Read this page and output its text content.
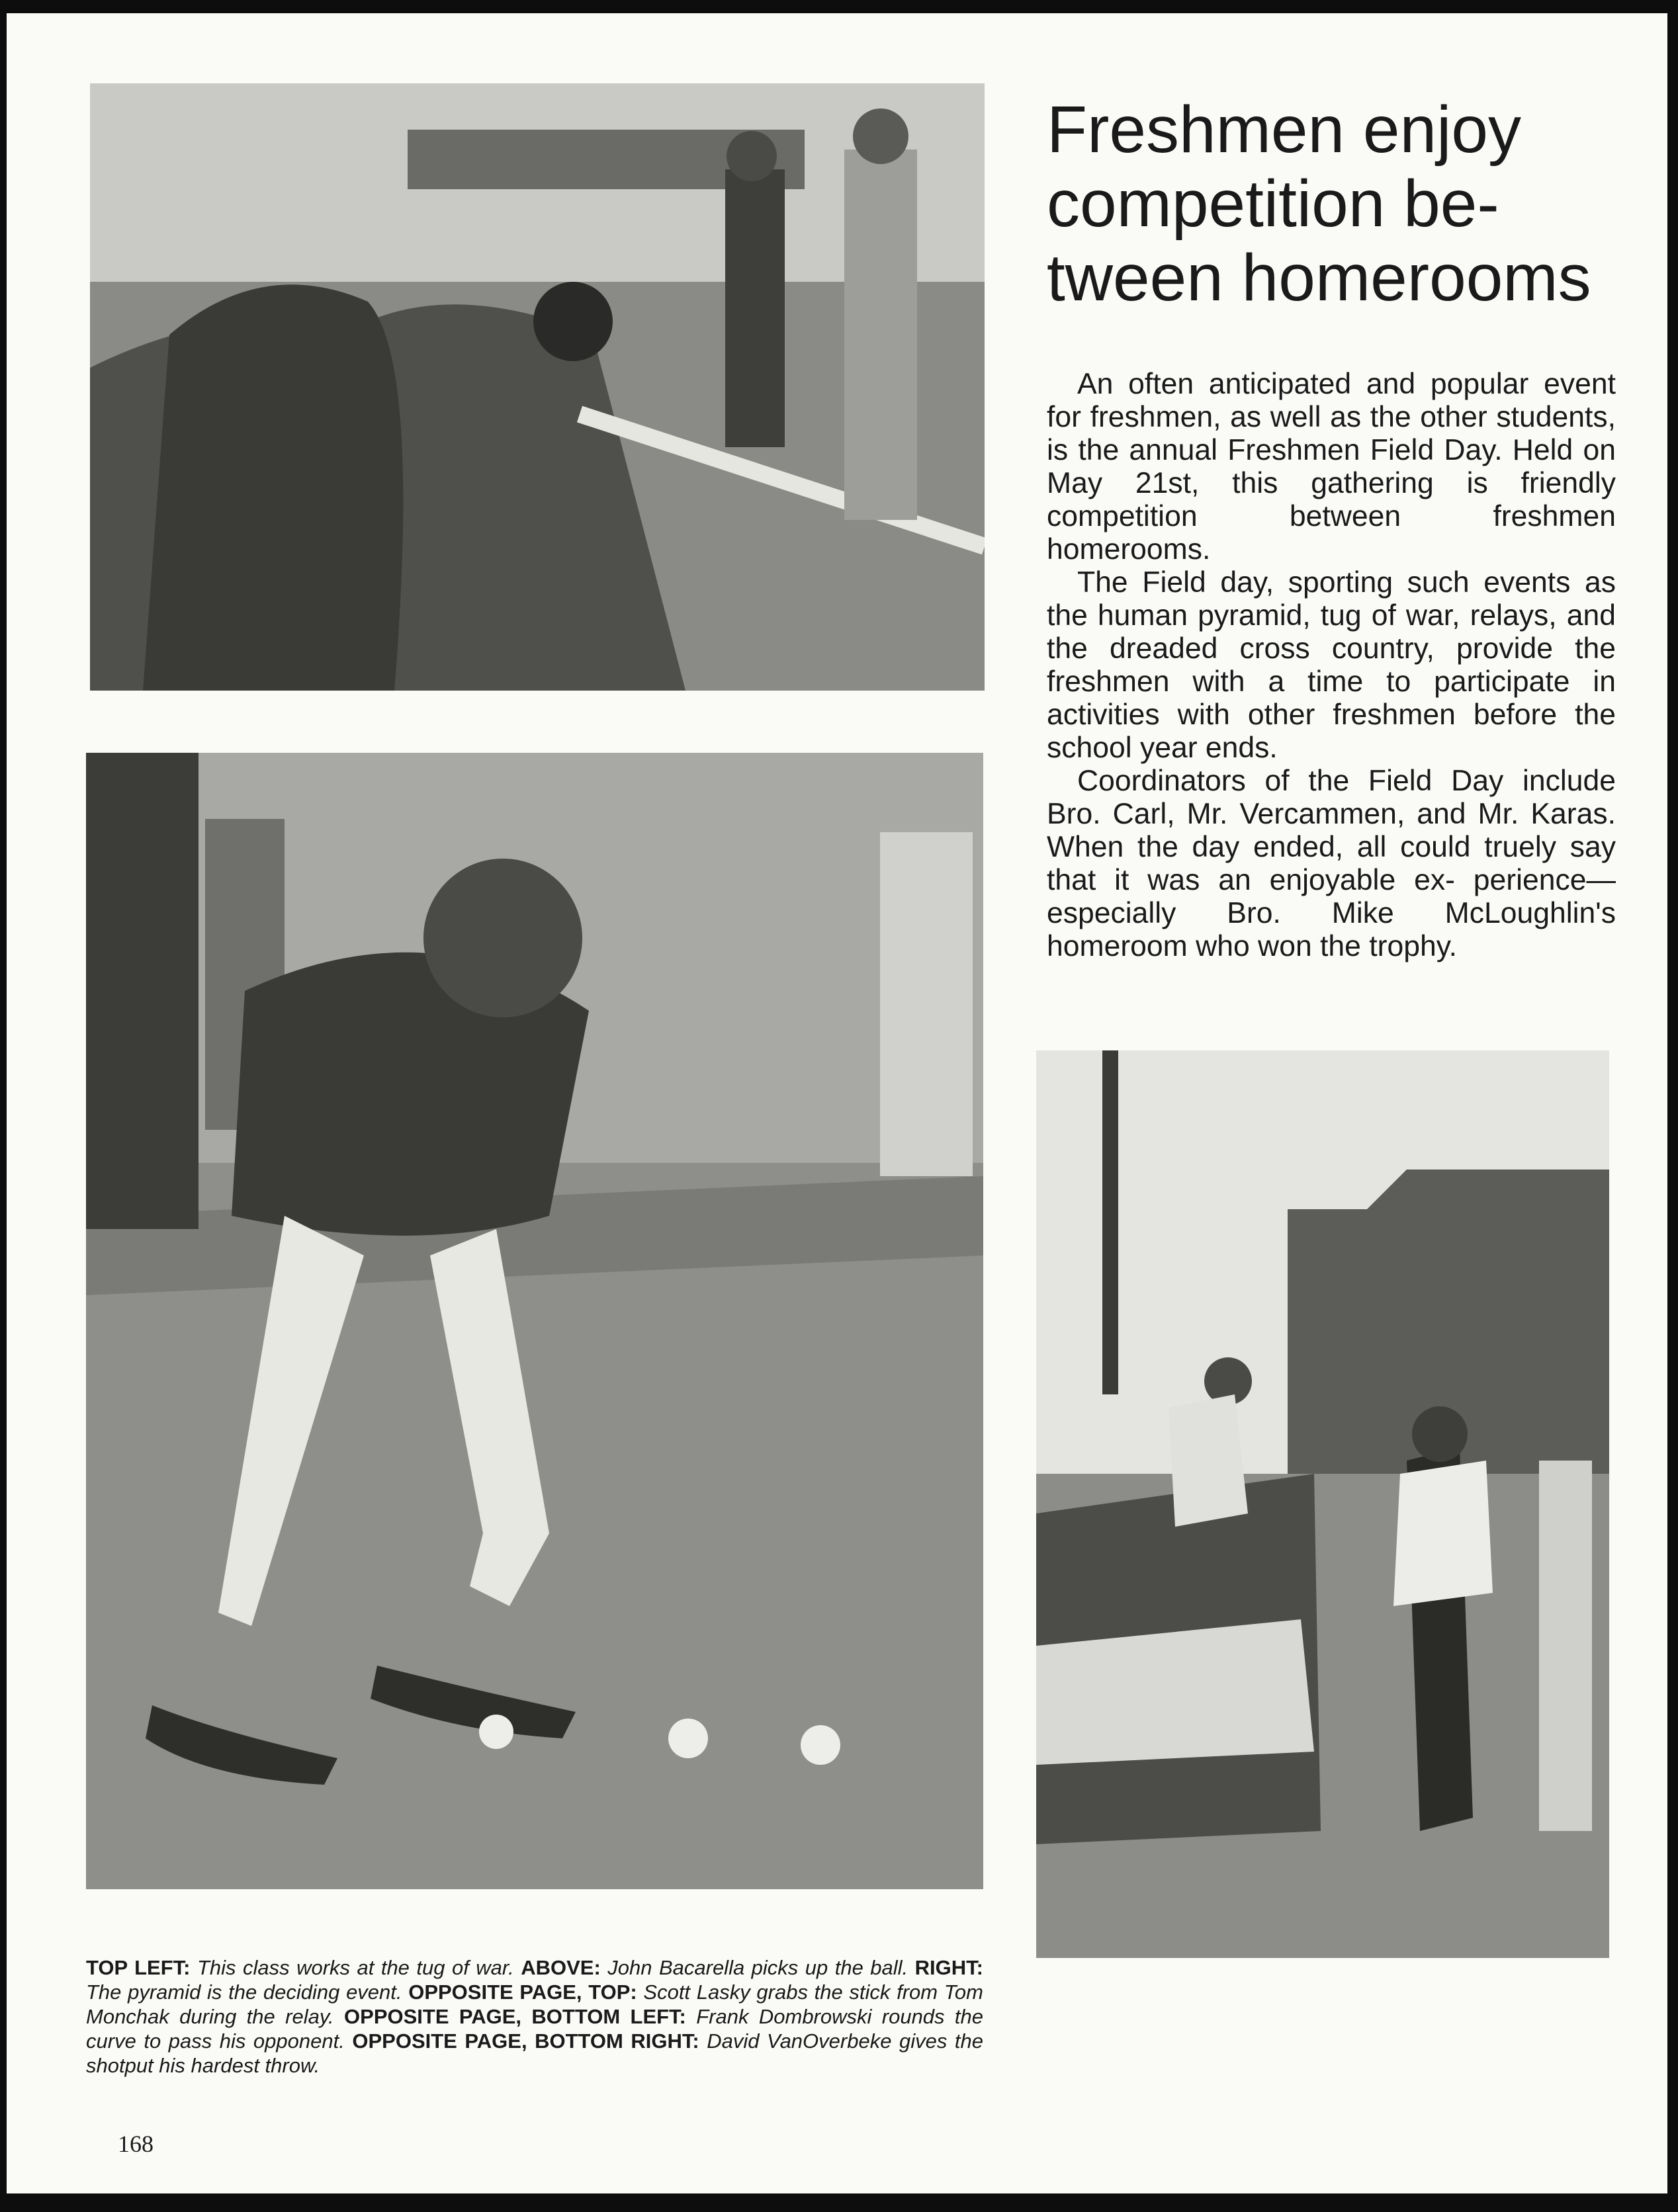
Freshmen enjoy competition be- tween homerooms

An often anticipated and popular event for freshmen, as well as the other students, is the annual Freshmen Field Day. Held on May 21st, this gathering is friendly competition between freshmen homerooms.

The Field day, sporting such events as the human pyramid, tug of war, relays, and the dreaded cross country, provide the freshmen with a time to participate in activities with other freshmen before the school year ends.

Coordinators of the Field Day include Bro. Carl, Mr. Vercammen, and Mr. Karas. When the day ended, all could truely say that it was an enjoyable ex- perience—especially Bro. Mike McLoughlin's homeroom who won the trophy.

TOP LEFT: This class works at the tug of war. ABOVE: John Bacarella picks up the ball. RIGHT: The pyramid is the deciding event. OPPOSITE PAGE, TOP: Scott Lasky grabs the stick from Tom Monchak during the relay. OPPOSITE PAGE, BOTTOM LEFT: Frank Dombrowski rounds the curve to pass his opponent. OPPOSITE PAGE, BOTTOM RIGHT: David VanOverbeke gives the shotput his hardest throw.
168
